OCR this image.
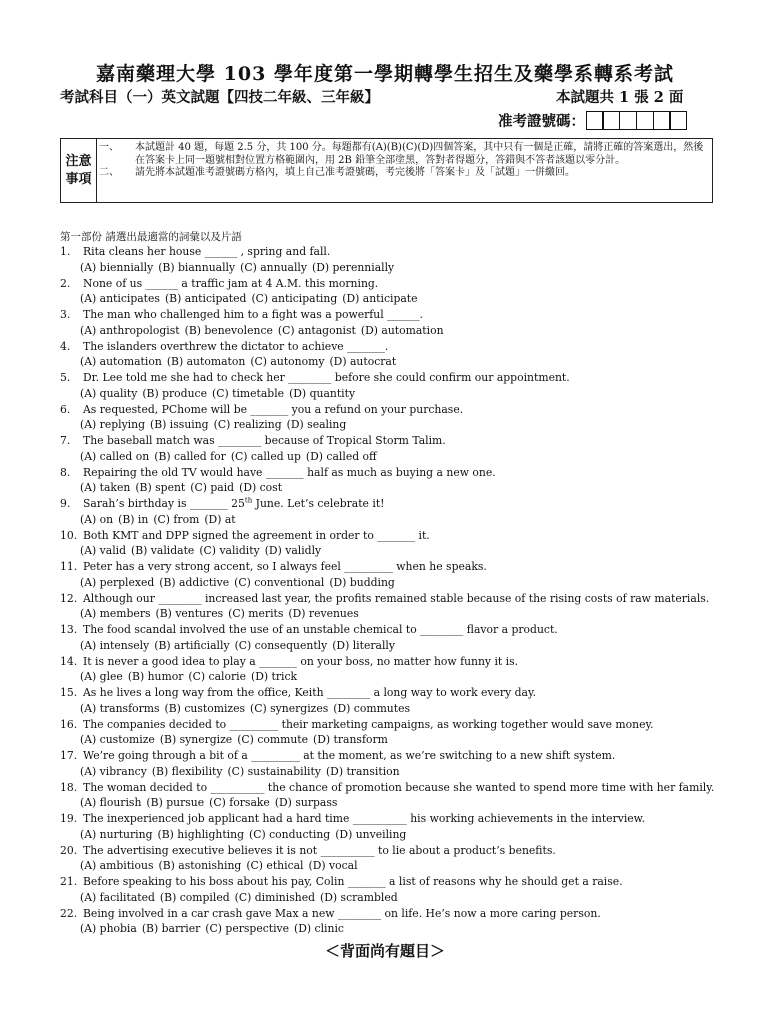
嘉南藥理大學 103 學年度第一學期轉學生招生及藥學系轉系考試
考試科目（一）英文試題【四技二年級、三年級】	本試題共 1 張 2 面
准考證號碼：
注意
事項
一、	本試題計 40 題，每題 2.5 分，共 100 分。每題都有(A)(B)(C)(D)四個答案，其中只有一個是正確，請將正確的答案選出，然後在答案卡上同一題號相對位置方格範圍內，用 2B 鉛筆全部塗黑，答對者得題分，答錯與不答者該題以零分計。
二、	請先將本試題准考證號碼方格內，填上自己准考證號碼，考完後將「答案卡」及「試題」一併繳回。
第一部份 請選出最適當的詞彙以及片語
1.	Rita cleans her house ______ , spring and fall.
(A) biennially (B) biannually (C) annually (D) perennially
2.	None of us ______ a traffic jam at 4 A.M. this morning.
(A) anticipates (B) anticipated (C) anticipating (D) anticipate
3.	The man who challenged him to a fight was a powerful ______.
(A) anthropologist (B) benevolence (C) antagonist (D) automation
4.	The islanders overthrew the dictator to achieve _______.
(A) automation (B) automaton (C) autonomy (D) autocrat
5.	Dr. Lee told me she had to check her ________ before she could confirm our appointment.
(A) quality (B) produce (C) timetable (D) quantity
6.	As requested, PChome will be _______ you a refund on your purchase.
(A) replying (B) issuing (C) realizing (D) sealing
7.	The baseball match was ________ because of Tropical Storm Talim.
(A) called on (B) called for (C) called up (D) called off
8.	Repairing the old TV would have _______ half as much as buying a new one.
(A) taken (B) spent (C) paid (D) cost
9.	Sarah’s birthday is _______ 25th June. Let’s celebrate it!
(A) on (B) in (C) from (D) at
10. Both KMT and DPP signed the agreement in order to _______ it.
(A) valid (B) validate (C) validity (D) validly
11. Peter has a very strong accent, so I always feel _________ when he speaks.
(A) perplexed (B) addictive (C) conventional (D) budding
12. Although our ________ increased last year, the profits remained stable because of the rising costs of raw materials.
(A) members (B) ventures (C) merits (D) revenues
13. The food scandal involved the use of an unstable chemical to ________ flavor a product.
(A) intensely (B) artificially (C) consequently (D) literally
14. It is never a good idea to play a _______ on your boss, no matter how funny it is.
(A) glee (B) humor (C) calorie (D) trick
15. As he lives a long way from the office, Keith ________ a long way to work every day.
(A) transforms (B) customizes (C) synergizes (D) commutes
16. The companies decided to _________ their marketing campaigns, as working together would save money.
(A) customize (B) synergize (C) commute (D) transform
17. We’re going through a bit of a _________ at the moment, as we’re switching to a new shift system.
(A) vibrancy (B) flexibility (C) sustainability (D) transition
18. The woman decided to __________ the chance of promotion because she wanted to spend more time with her family.
(A) flourish (B) pursue (C) forsake (D) surpass
19. The inexperienced job applicant had a hard time __________ his working achievements in the interview.
(A) nurturing (B) highlighting (C) conducting (D) unveiling
20. The advertising executive believes it is not __________ to lie about a product’s benefits.
(A) ambitious (B) astonishing (C) ethical (D) vocal
21. Before speaking to his boss about his pay, Colin _______ a list of reasons why he should get a raise.
(A) facilitated (B) compiled (C) diminished (D) scrambled
22. Being involved in a car crash gave Max a new ________ on life. He’s now a more caring person.
(A) phobia (B) barrier (C) perspective (D) clinic
＜背面尚有題目＞
